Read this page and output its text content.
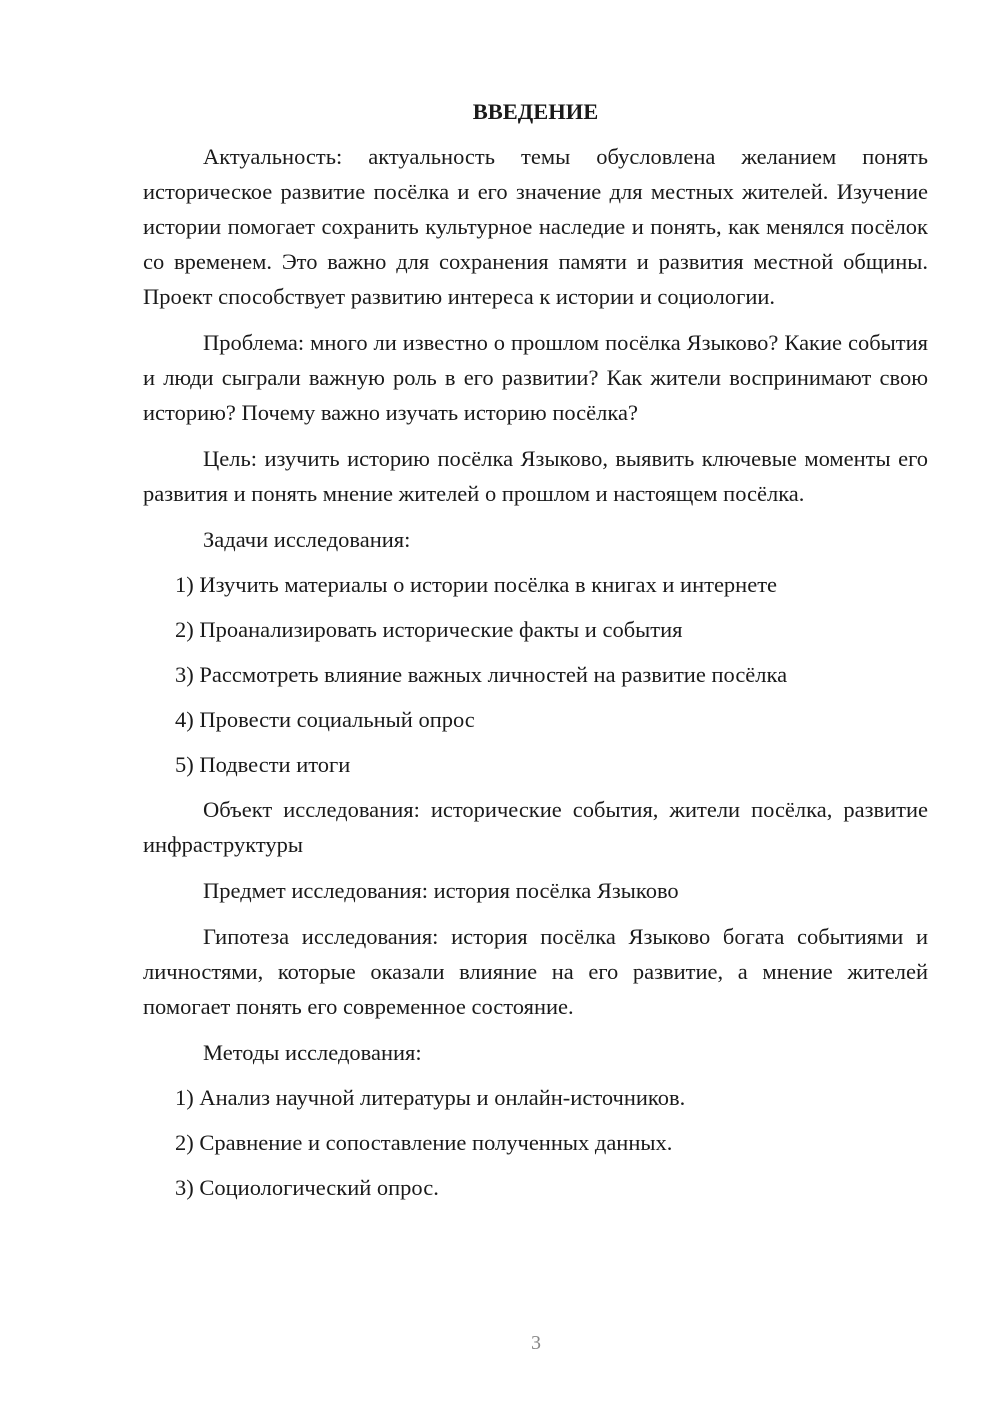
ВВЕДЕНИЕ

Актуальность: актуальность темы обусловлена желанием понять историческое развитие посёлка и его значение для местных жителей. Изучение истории помогает сохранить культурное наследие и понять, как менялся посёлок со временем. Это важно для сохранения памяти и развития местной общины. Проект способствует развитию интереса к истории и социологии.

Проблема: много ли известно о прошлом посёлка Языково? Какие события и люди сыграли важную роль в его развитии? Как жители воспринимают свою историю? Почему важно изучать историю посёлка?

Цель: изучить историю посёлка Языково, выявить ключевые моменты его развития и понять мнение жителей о прошлом и настоящем посёлка.

Задачи исследования:

1) Изучить материалы о истории посёлка в книгах и интернете

2) Проанализировать исторические факты и события

3) Рассмотреть влияние важных личностей на развитие посёлка

4) Провести социальный опрос

5) Подвести итоги

Объект исследования: исторические события, жители посёлка, развитие инфраструктуры

Предмет исследования: история посёлка Языково

Гипотеза исследования: история посёлка Языково богата событиями и личностями, которые оказали влияние на его развитие, а мнение жителей помогает понять его современное состояние.

Методы исследования:

1) Анализ научной литературы и онлайн-источников.

2) Сравнение и сопоставление полученных данных.

3) Социологический опрос.

3
